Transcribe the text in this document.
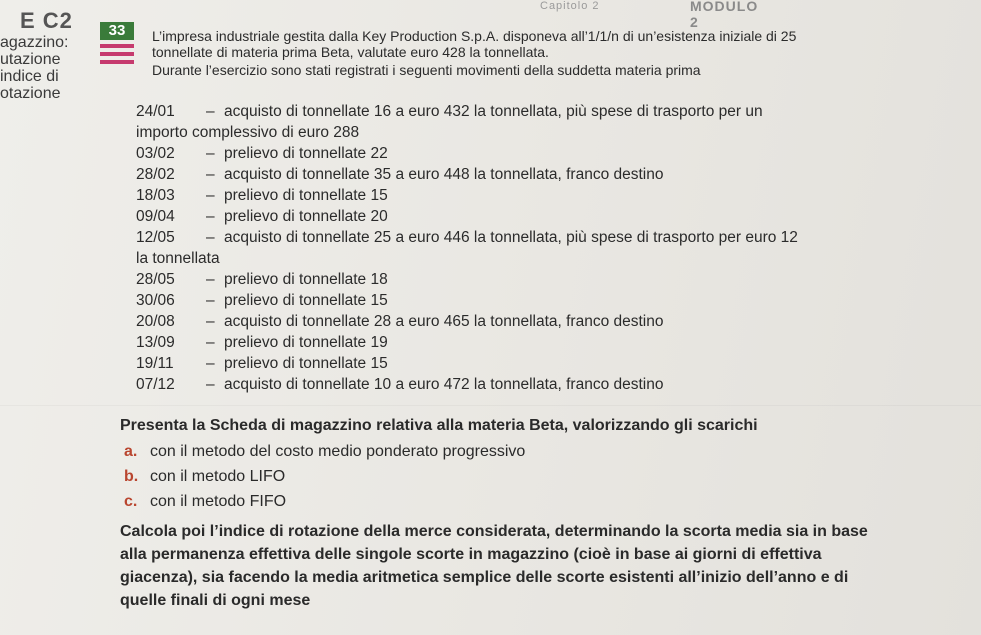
Capitolo 2	MODULO 2
E C2
agazzino:
utazione
indice di
otazione
33	L’impresa industriale gestita dalla Key Production S.p.A. disponeva all’1/1/n di un’esistenza iniziale di 25 tonnellate di materia prima Beta, valutate euro 428 la tonnellata.

Durante l’esercizio sono stati registrati i seguenti movimenti della suddetta materia prima

24/01 – acquisto di tonnellate 16 a euro 432 la tonnellata, più spese di trasporto per un
importo complessivo di euro 288
03/02 – prelievo di tonnellate 22
28/02 – acquisto di tonnellate 35 a euro 448 la tonnellata, franco destino
18/03 – prelievo di tonnellate 15
09/04 – prelievo di tonnellate 20
12/05 – acquisto di tonnellate 25 a euro 446 la tonnellata, più spese di trasporto per euro 12
la tonnellata
28/05 – prelievo di tonnellate 18
30/06 – prelievo di tonnellate 15
20/08 – acquisto di tonnellate 28 a euro 465 la tonnellata, franco destino
13/09 – prelievo di tonnellate 19
19/11 – prelievo di tonnellate 15
07/12 – acquisto di tonnellate 10 a euro 472 la tonnellata, franco destino
Presenta la Scheda di magazzino relativa alla materia Beta, valorizzando gli scarichi
a. con il metodo del costo medio ponderato progressivo
b. con il metodo LIFO
c. con il metodo FIFO
Calcola poi l’indice di rotazione della merce considerata, determinando la scorta media sia in base alla permanenza effettiva delle singole scorte in magazzino (cioè in base ai giorni di effettiva giacenza), sia facendo la media aritmetica semplice delle scorte esistenti all’inizio dell’anno e di quelle finali di ogni mese
